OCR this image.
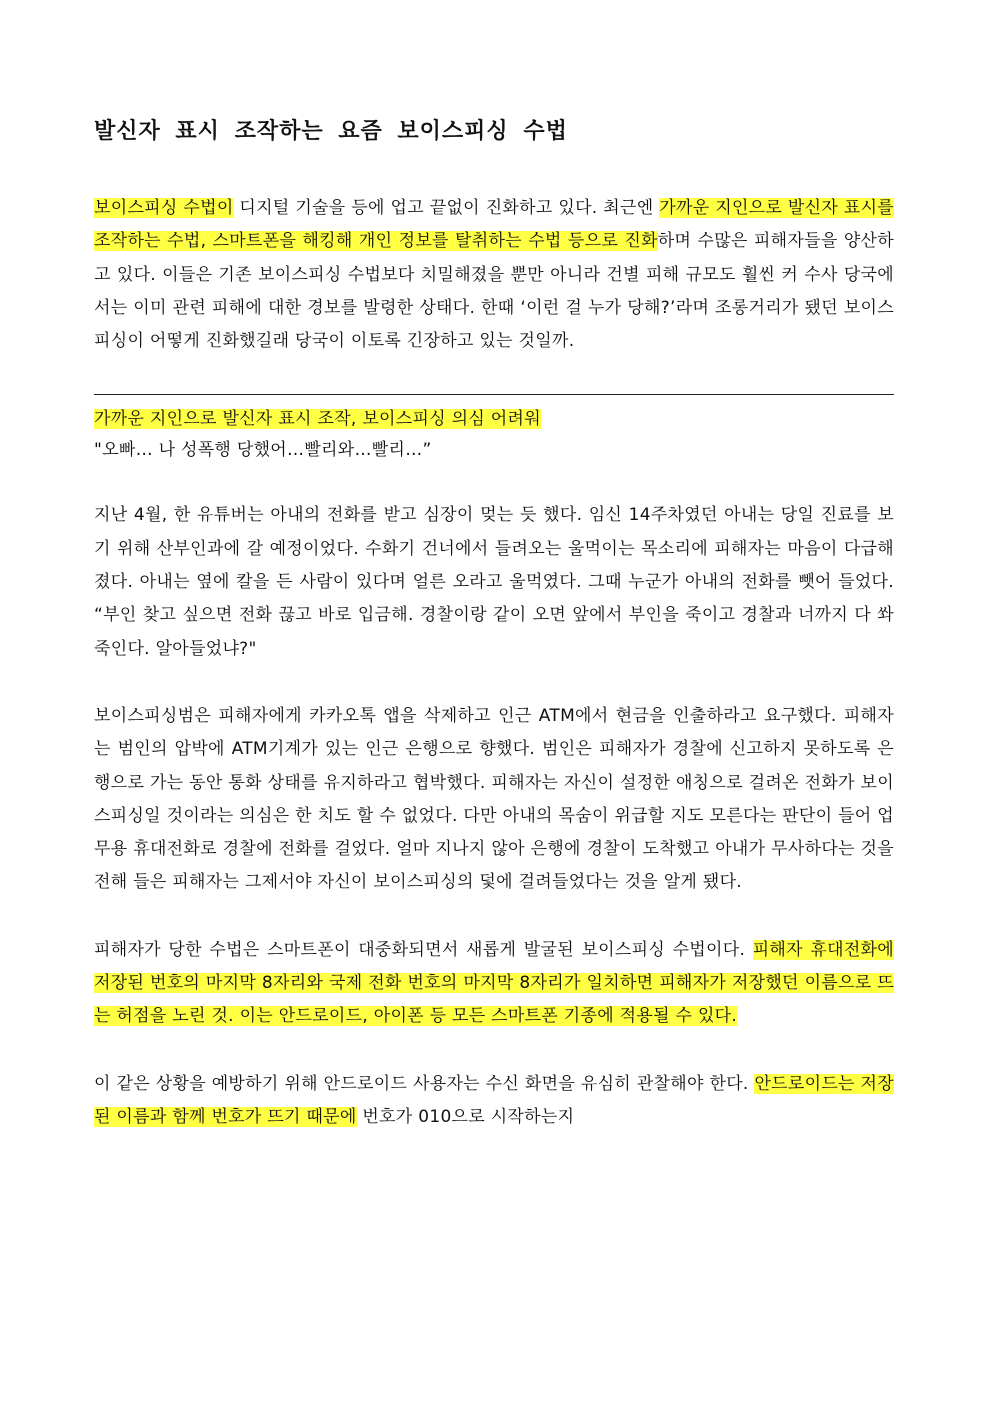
발신자 표시 조작하는 요즘 보이스피싱 수법

보이스피싱 수법이 디지털 기술을 등에 업고 끝없이 진화하고 있다. 최근엔 가까운 지인으로 발신자 표시를 조작하는 수법, 스마트폰을 해킹해 개인 정보를 탈취하는 수법 등으로 진화하며 수많은 피해자들을 양산하고 있다. 이들은 기존 보이스피싱 수법보다 치밀해졌을 뿐만 아니라 건별 피해 규모도 훨씬 커 수사 당국에서는 이미 관련 피해에 대한 경보를 발령한 상태다. 한때 ‘이런 걸 누가 당해?’라며 조롱거리가 됐던 보이스피싱이 어떻게 진화했길래 당국이 이토록 긴장하고 있는 것일까.

가까운 지인으로 발신자 표시 조작, 보이스피싱 의심 어려워

"오빠… 나 성폭행 당했어…빨리와…빨리…”

지난 4월, 한 유튜버는 아내의 전화를 받고 심장이 멎는 듯 했다. 임신 14주차였던 아내는 당일 진료를 보기 위해 산부인과에 갈 예정이었다. 수화기 건너에서 들려오는 울먹이는 목소리에 피해자는 마음이 다급해졌다. 아내는 옆에 칼을 든 사람이 있다며 얼른 오라고 울먹였다. 그때 누군가 아내의 전화를 뺏어 들었다. “부인 찾고 싶으면 전화 끊고 바로 입금해. 경찰이랑 같이 오면 앞에서 부인을 죽이고 경찰과 너까지 다 쏴 죽인다. 알아들었냐?"

보이스피싱범은 피해자에게 카카오톡 앱을 삭제하고 인근 ATM에서 현금을 인출하라고 요구했다. 피해자는 범인의 압박에 ATM기계가 있는 인근 은행으로 향했다. 범인은 피해자가 경찰에 신고하지 못하도록 은행으로 가는 동안 통화 상태를 유지하라고 협박했다. 피해자는 자신이 설정한 애칭으로 걸려온 전화가 보이스피싱일 것이라는 의심은 한 치도 할 수 없었다. 다만 아내의 목숨이 위급할 지도 모른다는 판단이 들어 업무용 휴대전화로 경찰에 전화를 걸었다. 얼마 지나지 않아 은행에 경찰이 도착했고 아내가 무사하다는 것을 전해 들은 피해자는 그제서야 자신이 보이스피싱의 덫에 걸려들었다는 것을 알게 됐다.

피해자가 당한 수법은 스마트폰이 대중화되면서 새롭게 발굴된 보이스피싱 수법이다. 피해자 휴대전화에 저장된 번호의 마지막 8자리와 국제 전화 번호의 마지막 8자리가 일치하면 피해자가 저장했던 이름으로 뜨는 허점을 노린 것. 이는 안드로이드, 아이폰 등 모든 스마트폰 기종에 적용될 수 있다.

이 같은 상황을 예방하기 위해 안드로이드 사용자는 수신 화면을 유심히 관찰해야 한다. 안드로이드는 저장된 이름과 함께 번호가 뜨기 때문에 번호가 010으로 시작하는지
